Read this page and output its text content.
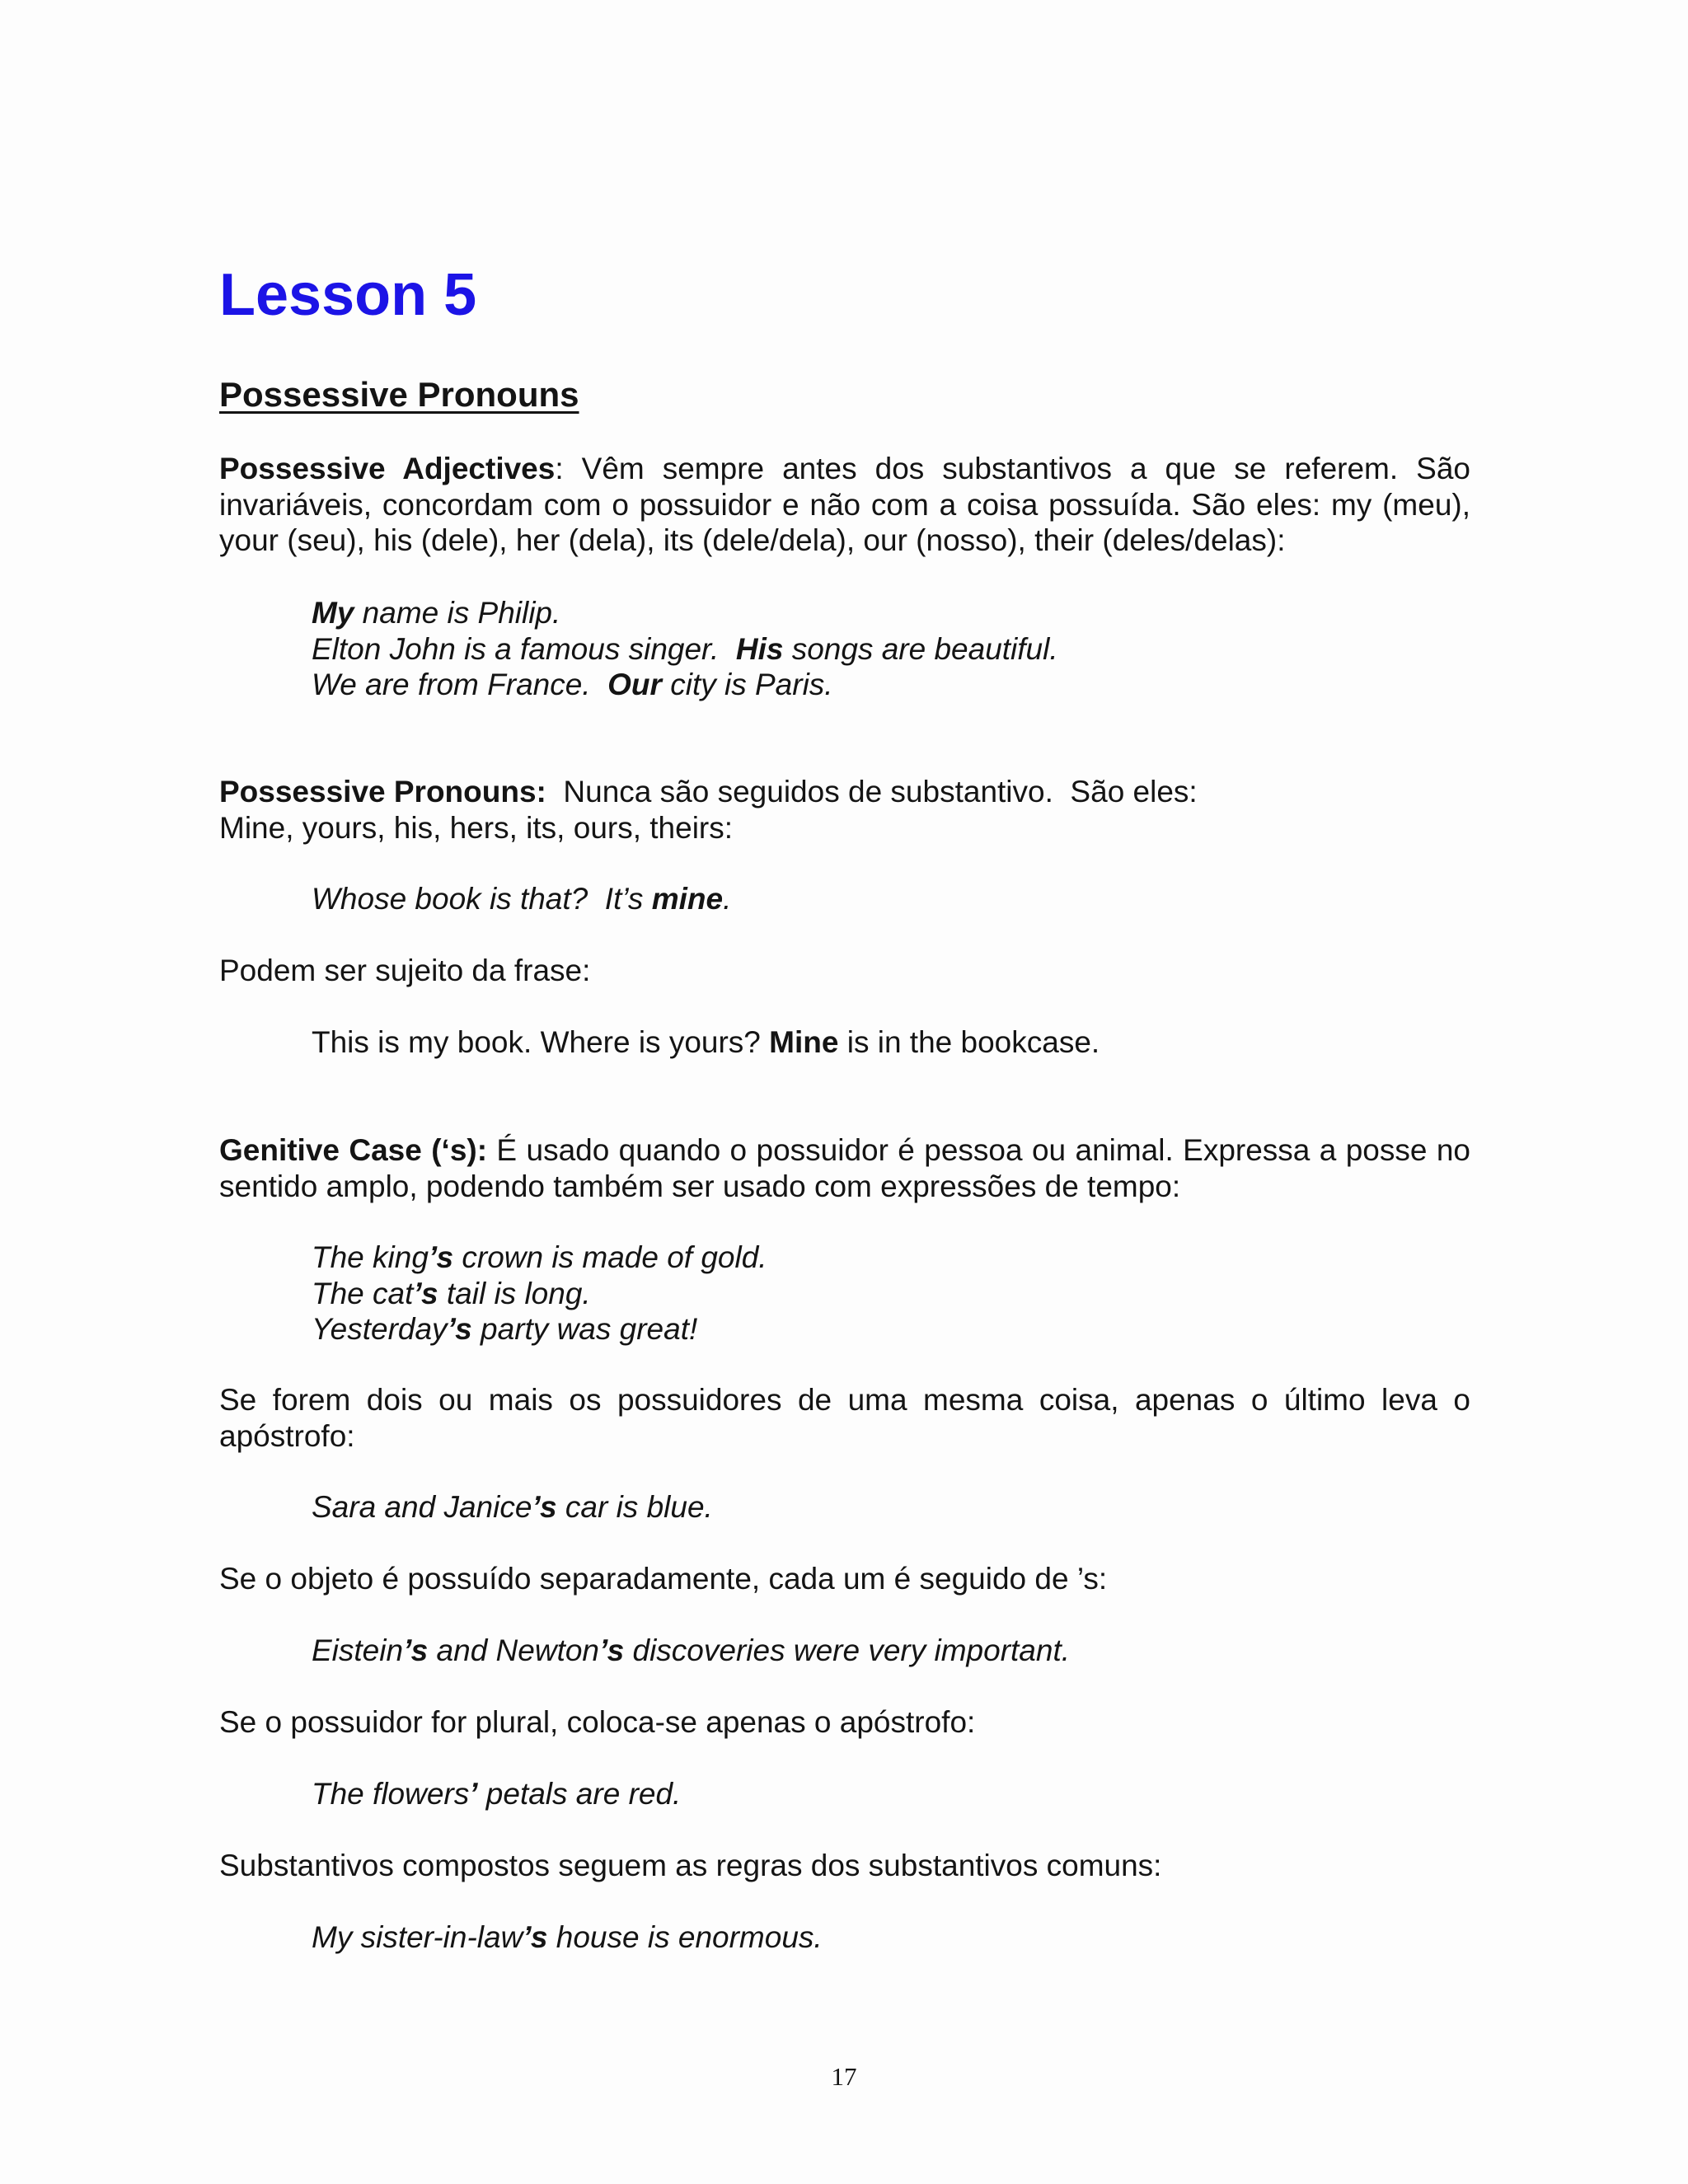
Lesson 5
Possessive Pronouns

Possessive Adjectives: Vêm sempre antes dos substantivos a que se referem. São invariáveis, concordam com o possuidor e não com a coisa possuída. São eles: my (meu), your (seu), his (dele), her (dela), its (dele/dela), our (nosso), their (deles/delas):

My name is Philip.
Elton John is a famous singer.  His songs are beautiful.
We are from France.  Our city is Paris.

Possessive Pronouns:  Nunca são seguidos de substantivo.  São eles:
Mine, yours, his, hers, its, ours, theirs:

Whose book is that?  It’s mine.

Podem ser sujeito da frase:

This is my book. Where is yours? Mine is in the bookcase.

Genitive Case (‘s): É usado quando o possuidor é pessoa ou animal. Expressa a posse no sentido amplo, podendo também ser usado com expressões de tempo:

The king’s crown is made of gold.
The cat’s tail is long.
Yesterday’s party was great!

Se forem dois ou mais os possuidores de uma mesma coisa, apenas o último leva o apóstrofo:

Sara and Janice’s car is blue.

Se o objeto é possuído separadamente, cada um é seguido de ’s:

Eistein’s and Newton’s discoveries were very important.

Se o possuidor for plural, coloca-se apenas o apóstrofo:

The flowers’ petals are red.

Substantivos compostos seguem as regras dos substantivos comuns:

My sister-in-law’s house is enormous.
17
